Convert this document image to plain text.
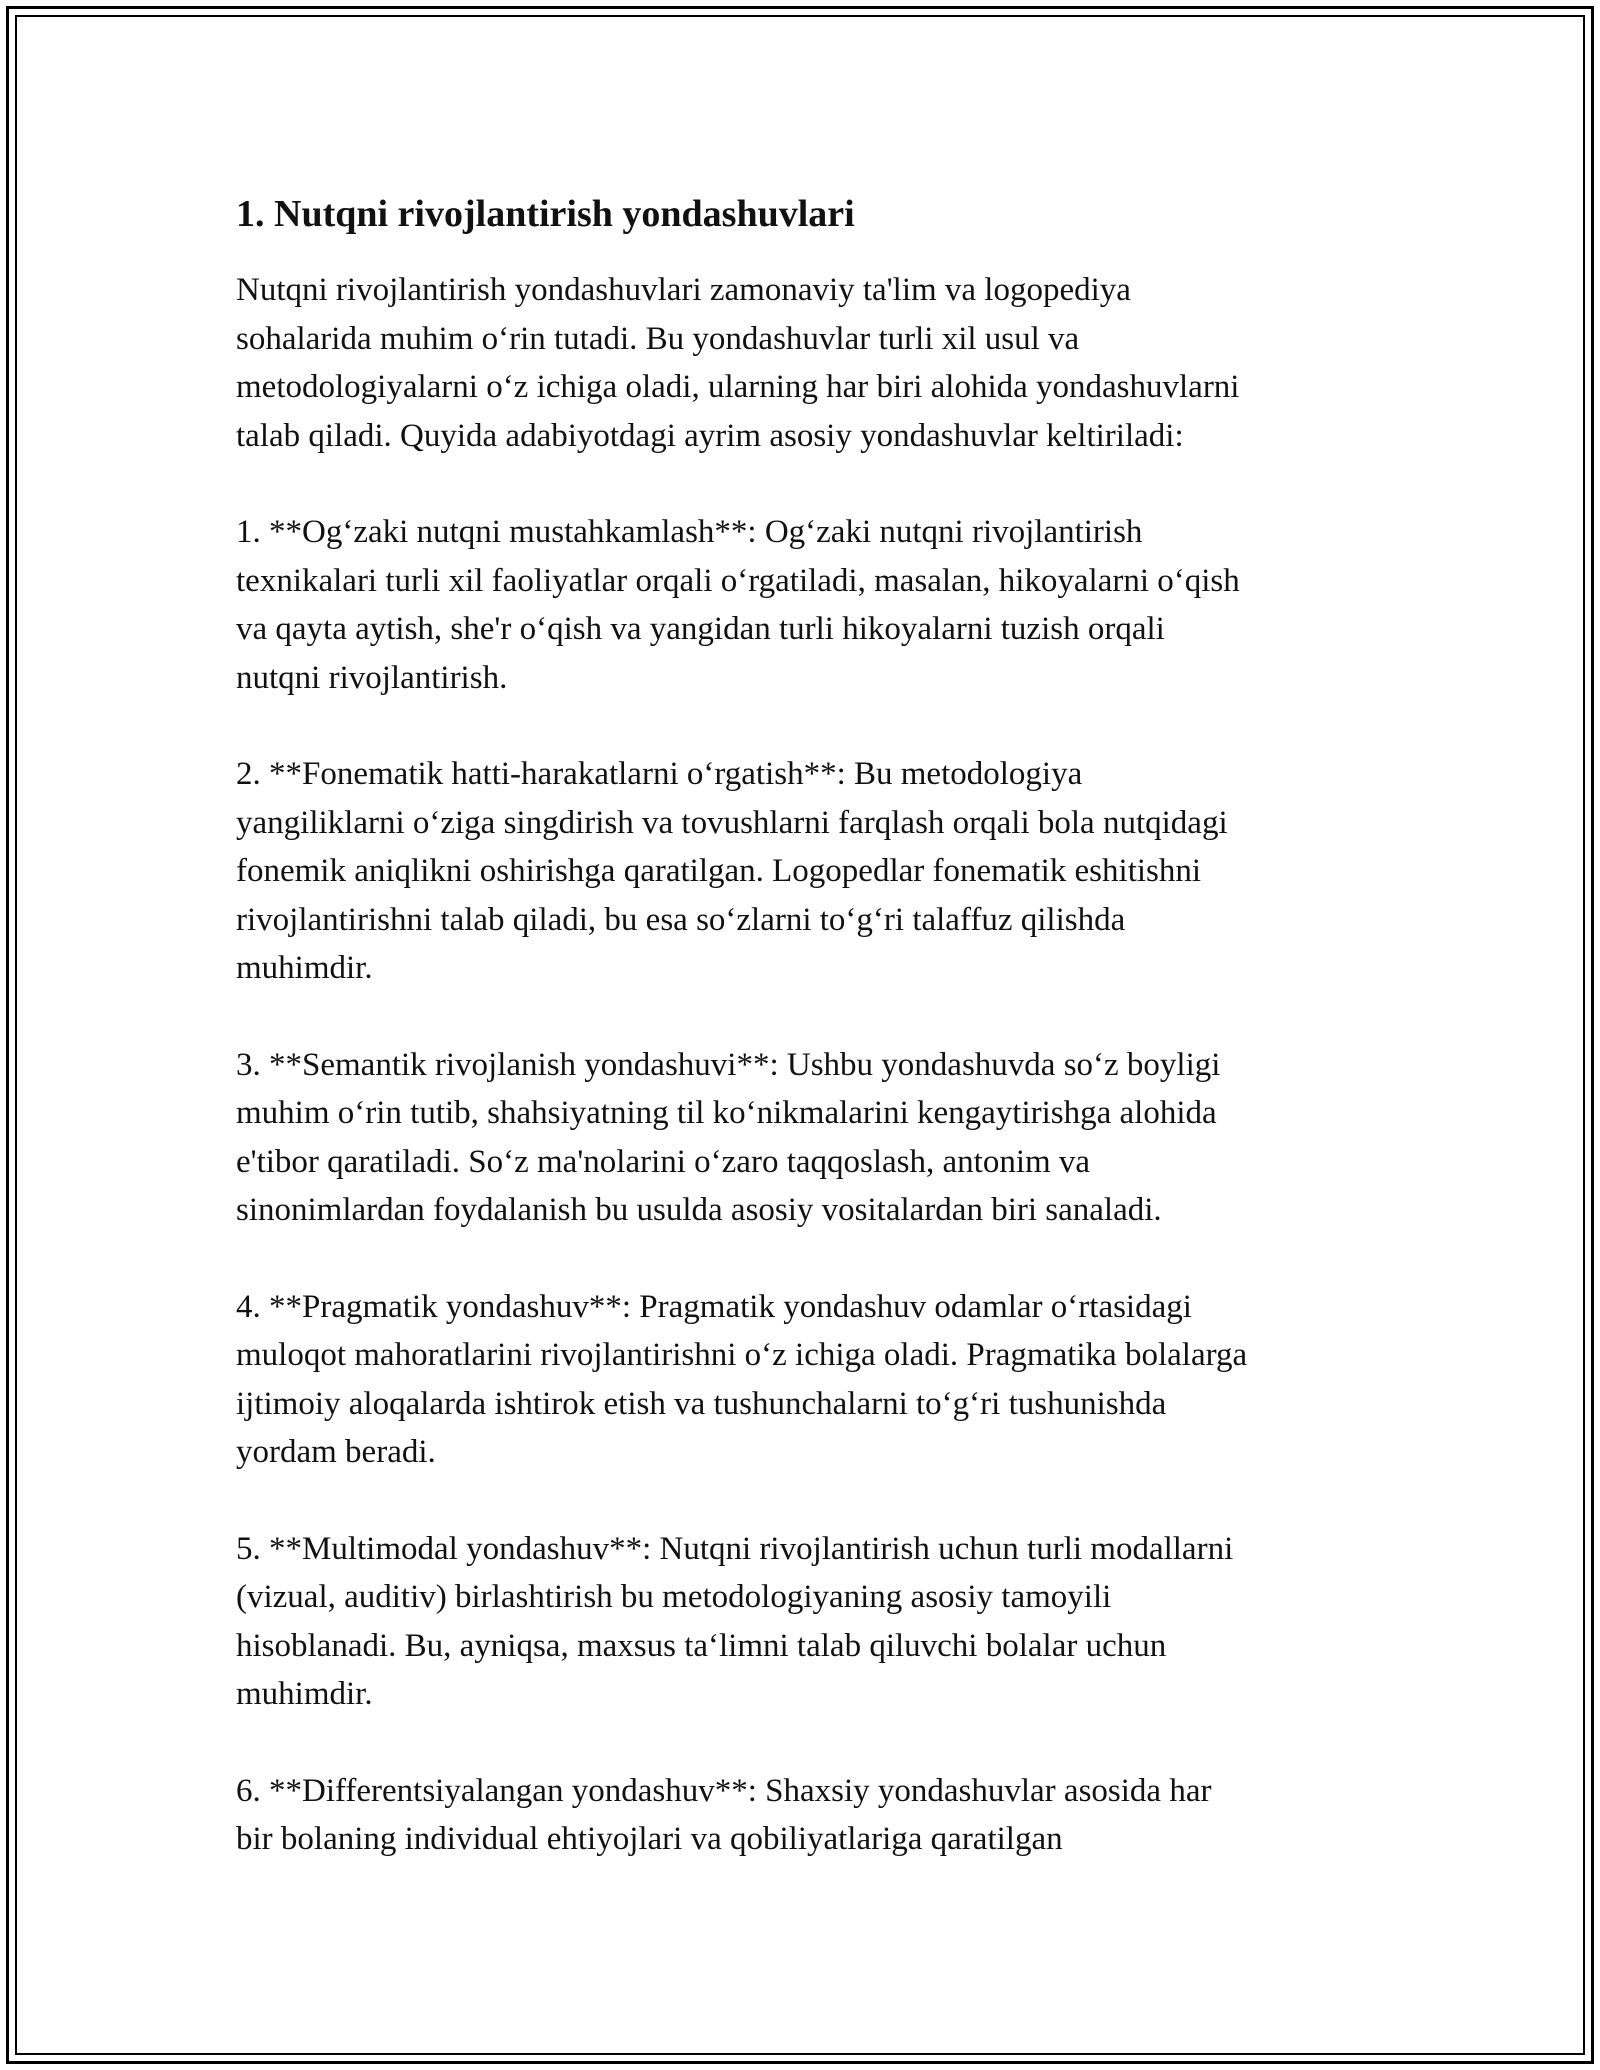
1. Nutqni rivojlantirish yondashuvlari

Nutqni rivojlantirish yondashuvlari zamonaviy ta'lim va logopediya
sohalarida muhim o‘rin tutadi. Bu yondashuvlar turli xil usul va
metodologiyalarni o‘z ichiga oladi, ularning har biri alohida yondashuvlarni
talab qiladi. Quyida adabiyotdagi ayrim asosiy yondashuvlar keltiriladi:

1. **Og‘zaki nutqni mustahkamlash**: Og‘zaki nutqni rivojlantirish
texnikalari turli xil faoliyatlar orqali o‘rgatiladi, masalan, hikoyalarni o‘qish
va qayta aytish, she'r o‘qish va yangidan turli hikoyalarni tuzish orqali
nutqni rivojlantirish.

2. **Fonematik hatti-harakatlarni o‘rgatish**: Bu metodologiya
yangiliklarni o‘ziga singdirish va tovushlarni farqlash orqali bola nutqidagi
fonemik aniqlikni oshirishga qaratilgan. Logopedlar fonematik eshitishni
rivojlantirishni talab qiladi, bu esa so‘zlarni to‘g‘ri talaffuz qilishda
muhimdir.

3. **Semantik rivojlanish yondashuvi**: Ushbu yondashuvda so‘z boyligi
muhim o‘rin tutib, shahsiyatning til ko‘nikmalarini kengaytirishga alohida
e'tibor qaratiladi. So‘z ma'nolarini o‘zaro taqqoslash, antonim va
sinonimlardan foydalanish bu usulda asosiy vositalardan biri sanaladi.

4. **Pragmatik yondashuv**: Pragmatik yondashuv odamlar o‘rtasidagi
muloqot mahoratlarini rivojlantirishni o‘z ichiga oladi. Pragmatika bolalarga
ijtimoiy aloqalarda ishtirok etish va tushunchalarni to‘g‘ri tushunishda
yordam beradi.

5. **Multimodal yondashuv**: Nutqni rivojlantirish uchun turli modallarni
(vizual, auditiv) birlashtirish bu metodologiyaning asosiy tamoyili
hisoblanadi. Bu, ayniqsa, maxsus ta‘limni talab qiluvchi bolalar uchun
muhimdir.

6. **Differentsiyalangan yondashuv**: Shaxsiy yondashuvlar asosida har
bir bolaning individual ehtiyojlari va qobiliyatlariga qaratilgan
